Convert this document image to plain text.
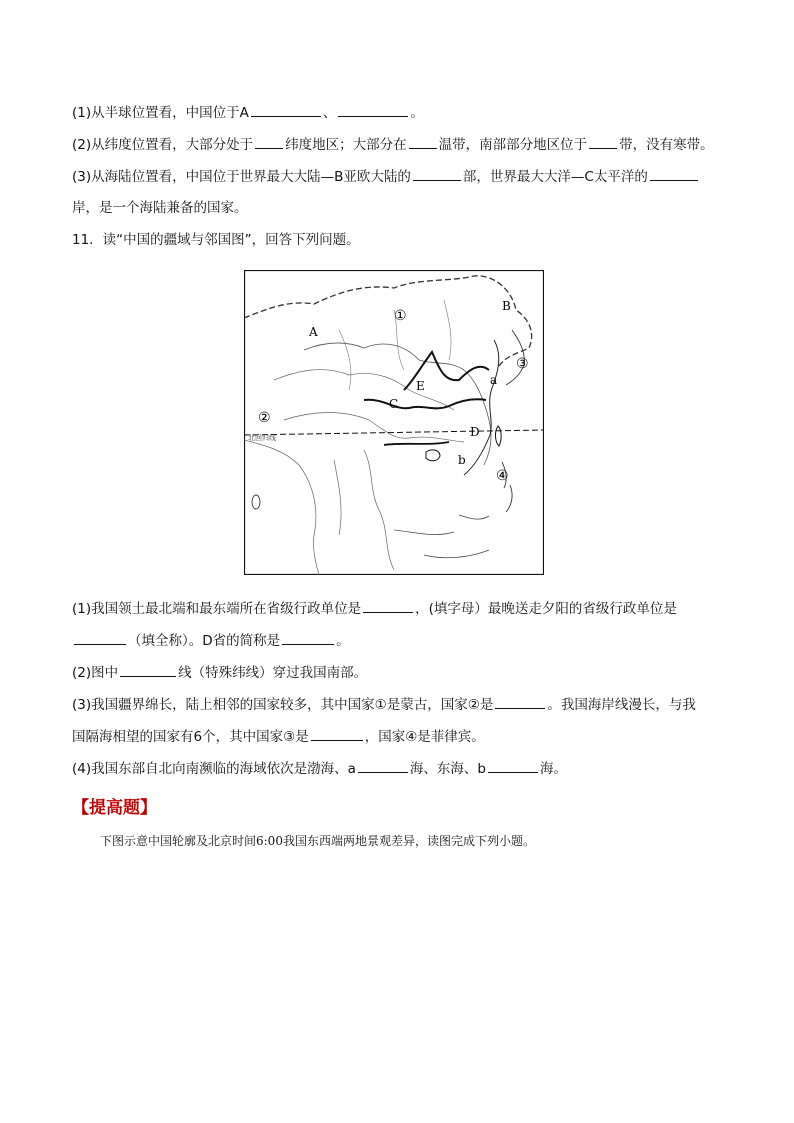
(1)从半球位置看，中国位于A	、	。
(2)从纬度位置看，大部分处于 纬度地区；大部分在 温带，南部部分地区位于 带，没有寒带。
(3)从海陆位置看，中国位于世界最大大陆—B亚欧大陆的	部，世界最大大洋—C太平洋的
岸，是一个海陆兼备的国家。
11．读“中国的疆域与邻国图”，回答下列问题。
①
②
③
④
A
B
C
D
E	a
b
北回归线
(1)我国领土最北端和最东端所在省级行政单位是	，(填字母）最晚送走夕阳的省级行政单位是
（填全称）。D省的简称是	。
(2)图中	线（特殊纬线）穿过我国南部。
(3)我国疆界绵长，陆上相邻的国家较多，其中国家①是蒙古，国家②是	。我国海岸线漫长，与我
国隔海相望的国家有6个，其中国家③是	，国家④是菲律宾。
(4)我国东部自北向南濒临的海域依次是渤海、a	海、东海、b	海。
【提高题】
下图示意中国轮廓及北京时间6:00我国东西端两地景观差异，读图完成下列小题。
